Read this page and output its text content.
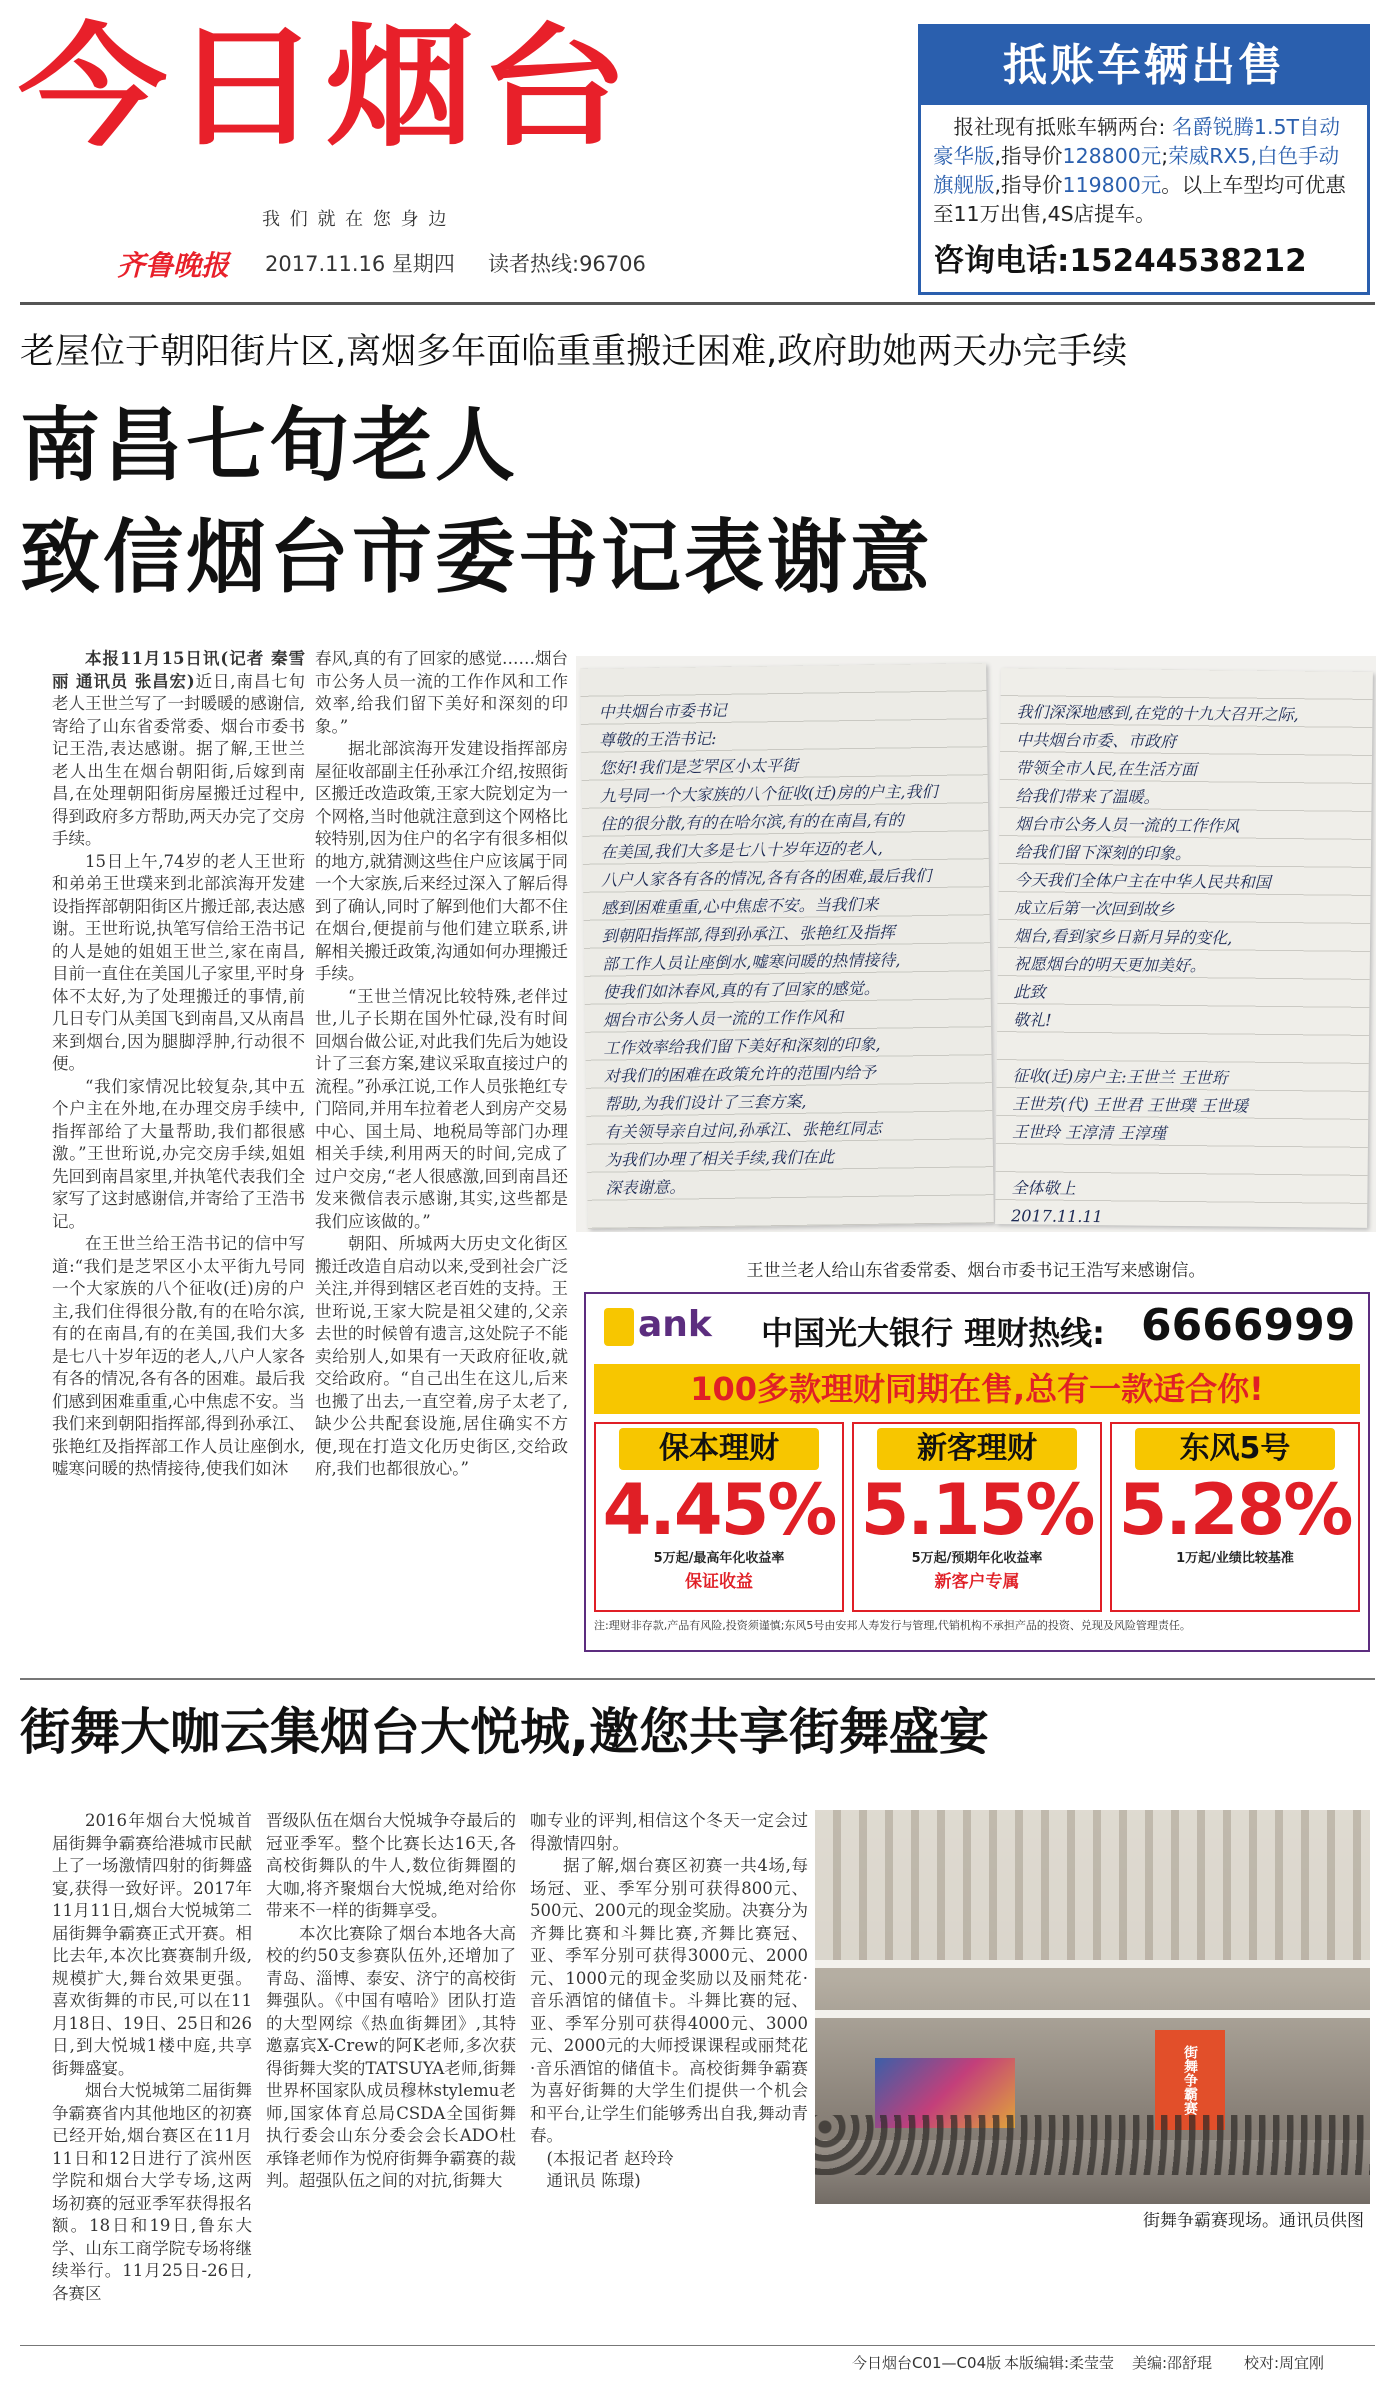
今日烟台
我 们 就 在 您 身 边
齐鲁晚报 2017.11.16 星期四 读者热线:96706
抵账车辆出售
报社现有抵账车辆两台: 名爵锐腾1.5T自动豪华版,指导价128800元;荣威RX5,白色手动旗舰版,指导价119800元。以上车型均可优惠至11万出售,4S店提车。
咨询电话:15244538212
老屋位于朝阳街片区,离烟多年面临重重搬迁困难,政府助她两天办完手续
南昌七旬老人
致信烟台市委书记表谢意

本报11月15日讯(记者 秦雪丽 通讯员 张昌宏)近日,南昌七旬老人王世兰写了一封暖暖的感谢信,寄给了山东省委常委、烟台市委书记王浩,表达感谢。据了解,王世兰老人出生在烟台朝阳街,后嫁到南昌,在处理朝阳街房屋搬迁过程中,得到政府多方帮助,两天办完了交房手续。

15日上午,74岁的老人王世珩和弟弟王世璞来到北部滨海开发建设指挥部朝阳街区片搬迁部,表达感谢。王世珩说,执笔写信给王浩书记的人是她的姐姐王世兰,家在南昌,目前一直住在美国儿子家里,平时身体不太好,为了处理搬迁的事情,前几日专门从美国飞到南昌,又从南昌来到烟台,因为腿脚浮肿,行动很不便。

“我们家情况比较复杂,其中五个户主在外地,在办理交房手续中,指挥部给了大量帮助,我们都很感激。”王世珩说,办完交房手续,姐姐先回到南昌家里,并执笔代表我们全家写了这封感谢信,并寄给了王浩书记。

在王世兰给王浩书记的信中写道:“我们是芝罘区小太平街九号同一个大家族的八个征收(迁)房的户主,我们住得很分散,有的在哈尔滨,有的在南昌,有的在美国,我们大多是七八十岁年迈的老人,八户人家各有各的情况,各有各的困难。最后我们感到困难重重,心中焦虑不安。当我们来到朝阳指挥部,得到孙承江、张艳红及指挥部工作人员让座倒水,嘘寒问暖的热情接待,使我们如沐

春风,真的有了回家的感觉……烟台市公务人员一流的工作作风和工作效率,给我们留下美好和深刻的印象。”

据北部滨海开发建设指挥部房屋征收部副主任孙承江介绍,按照街区搬迁改造政策,王家大院划定为一个网格,当时他就注意到这个网格比较特别,因为住户的名字有很多相似的地方,就猜测这些住户应该属于同一个大家族,后来经过深入了解后得到了确认,同时了解到他们大都不住在烟台,便提前与他们建立联系,讲解相关搬迁政策,沟通如何办理搬迁手续。

“王世兰情况比较特殊,老伴过世,儿子长期在国外忙碌,没有时间回烟台做公证,对此我们先后为她设计了三套方案,建议采取直接过户的流程。”孙承江说,工作人员张艳红专门陪同,并用车拉着老人到房产交易中心、国土局、地税局等部门办理相关手续,利用两天的时间,完成了过户交房,“老人很感激,回到南昌还发来微信表示感谢,其实,这些都是我们应该做的。”

朝阳、所城两大历史文化街区搬迁改造自启动以来,受到社会广泛关注,并得到辖区老百姓的支持。王世珩说,王家大院是祖父建的,父亲去世的时候曾有遗言,这处院子不能卖给别人,如果有一天政府征收,就交给政府。“自己出生在这儿,后来也搬了出去,一直空着,房子太老了,缺少公共配套设施,居住确实不方便,现在打造文化历史街区,交给政府,我们也都很放心。”

中共烟台市委书记
尊敬的王浩书记:
您好!我们是芝罘区小太平街
九号同一个大家族的八个征收(迁)房的户主,我们
住的很分散,有的在哈尔滨,有的在南昌,有的
在美国,我们大多是七八十岁年迈的老人,
八户人家各有各的情况,各有各的困难,最后我们
感到困难重重,心中焦虑不安。当我们来
到朝阳指挥部,得到孙承江、张艳红及指挥
部工作人员让座倒水,嘘寒问暖的热情接待,
使我们如沐春风,真的有了回家的感觉。
烟台市公务人员一流的工作作风和
工作效率给我们留下美好和深刻的印象,
对我们的困难在政策允许的范围内给予
帮助,为我们设计了三套方案,
有关领导亲自过问,孙承江、张艳红同志
为我们办理了相关手续,我们在此
深表谢意。
我们深深地感到,在党的十九大召开之际,
中共烟台市委、市政府
带领全市人民,在生活方面
给我们带来了温暖。
烟台市公务人员一流的工作作风
给我们留下深刻的印象。
今天我们全体户主在中华人民共和国
成立后第一次回到故乡
烟台,看到家乡日新月异的变化,
祝愿烟台的明天更加美好。
此致
敬礼!
征收(迁)房户主:王世兰 王世珩
王世芳(代) 王世君 王世璞 王世瑗
王世玲 王淳清 王淳瑾
全体敬上
2017.11.11
王世兰老人给山东省委常委、烟台市委书记王浩写来感谢信。
ank 中国光大银行 理财热线: 6666999
100多款理财同期在售,总有一款适合你!
保本理财
4.45%
5万起/最高年化收益率
保证收益
新客理财
5.15%
5万起/预期年化收益率
新客户专属
东风5号
5.28%
1万起/业绩比较基准
注:理财非存款,产品有风险,投资须谨慎;东风5号由安邦人寿发行与管理,代销机构不承担产品的投资、兑现及风险管理责任。
街舞大咖云集烟台大悦城,邀您共享街舞盛宴

2016年烟台大悦城首届街舞争霸赛给港城市民献上了一场激情四射的街舞盛宴,获得一致好评。2017年11月11日,烟台大悦城第二届街舞争霸赛正式开赛。相比去年,本次比赛赛制升级,规模扩大,舞台效果更强。喜欢街舞的市民,可以在11月18日、19日、25日和26日,到大悦城1楼中庭,共享街舞盛宴。

烟台大悦城第二届街舞争霸赛省内其他地区的初赛已经开始,烟台赛区在11月11日和12日进行了滨州医学院和烟台大学专场,这两场初赛的冠亚季军获得报名额。18日和19日,鲁东大学、山东工商学院专场将继续举行。11月25日-26日,各赛区

晋级队伍在烟台大悦城争夺最后的冠亚季军。整个比赛长达16天,各高校街舞队的牛人,数位街舞圈的大咖,将齐聚烟台大悦城,绝对给你带来不一样的街舞享受。

本次比赛除了烟台本地各大高校的约50支参赛队伍外,还增加了青岛、淄博、泰安、济宁的高校街舞强队。《中国有嘻哈》团队打造的大型网综《热血街舞团》,其特邀嘉宾X-Crew的阿K老师,多次获得街舞大奖的TATSUYA老师,街舞世界杯国家队成员穆林stylemu老师,国家体育总局CSDA全国街舞执行委会山东分委会会长ADO杜承锋老师作为悦府街舞争霸赛的裁判。超强队伍之间的对抗,街舞大

咖专业的评判,相信这个冬天一定会过得激情四射。

据了解,烟台赛区初赛一共4场,每场冠、亚、季军分别可获得800元、500元、200元的现金奖励。决赛分为齐舞比赛和斗舞比赛,齐舞比赛冠、亚、季军分别可获得3000元、2000元、1000元的现金奖励以及丽梵花·音乐酒馆的储值卡。斗舞比赛的冠、亚、季军分别可获得4000元、3000元、2000元的大师授课课程或丽梵花·音乐酒馆的储值卡。高校街舞争霸赛为喜好街舞的大学生们提供一个机会和平台,让学生们能够秀出自我,舞动青春。

(本报记者 赵玲玲
通讯员 陈璟)
街舞争霸赛
街舞争霸赛现场。通讯员供图
今日烟台C01—C04版 本版编辑:柔莹莹 美编:邵舒琨 校对:周宜刚
